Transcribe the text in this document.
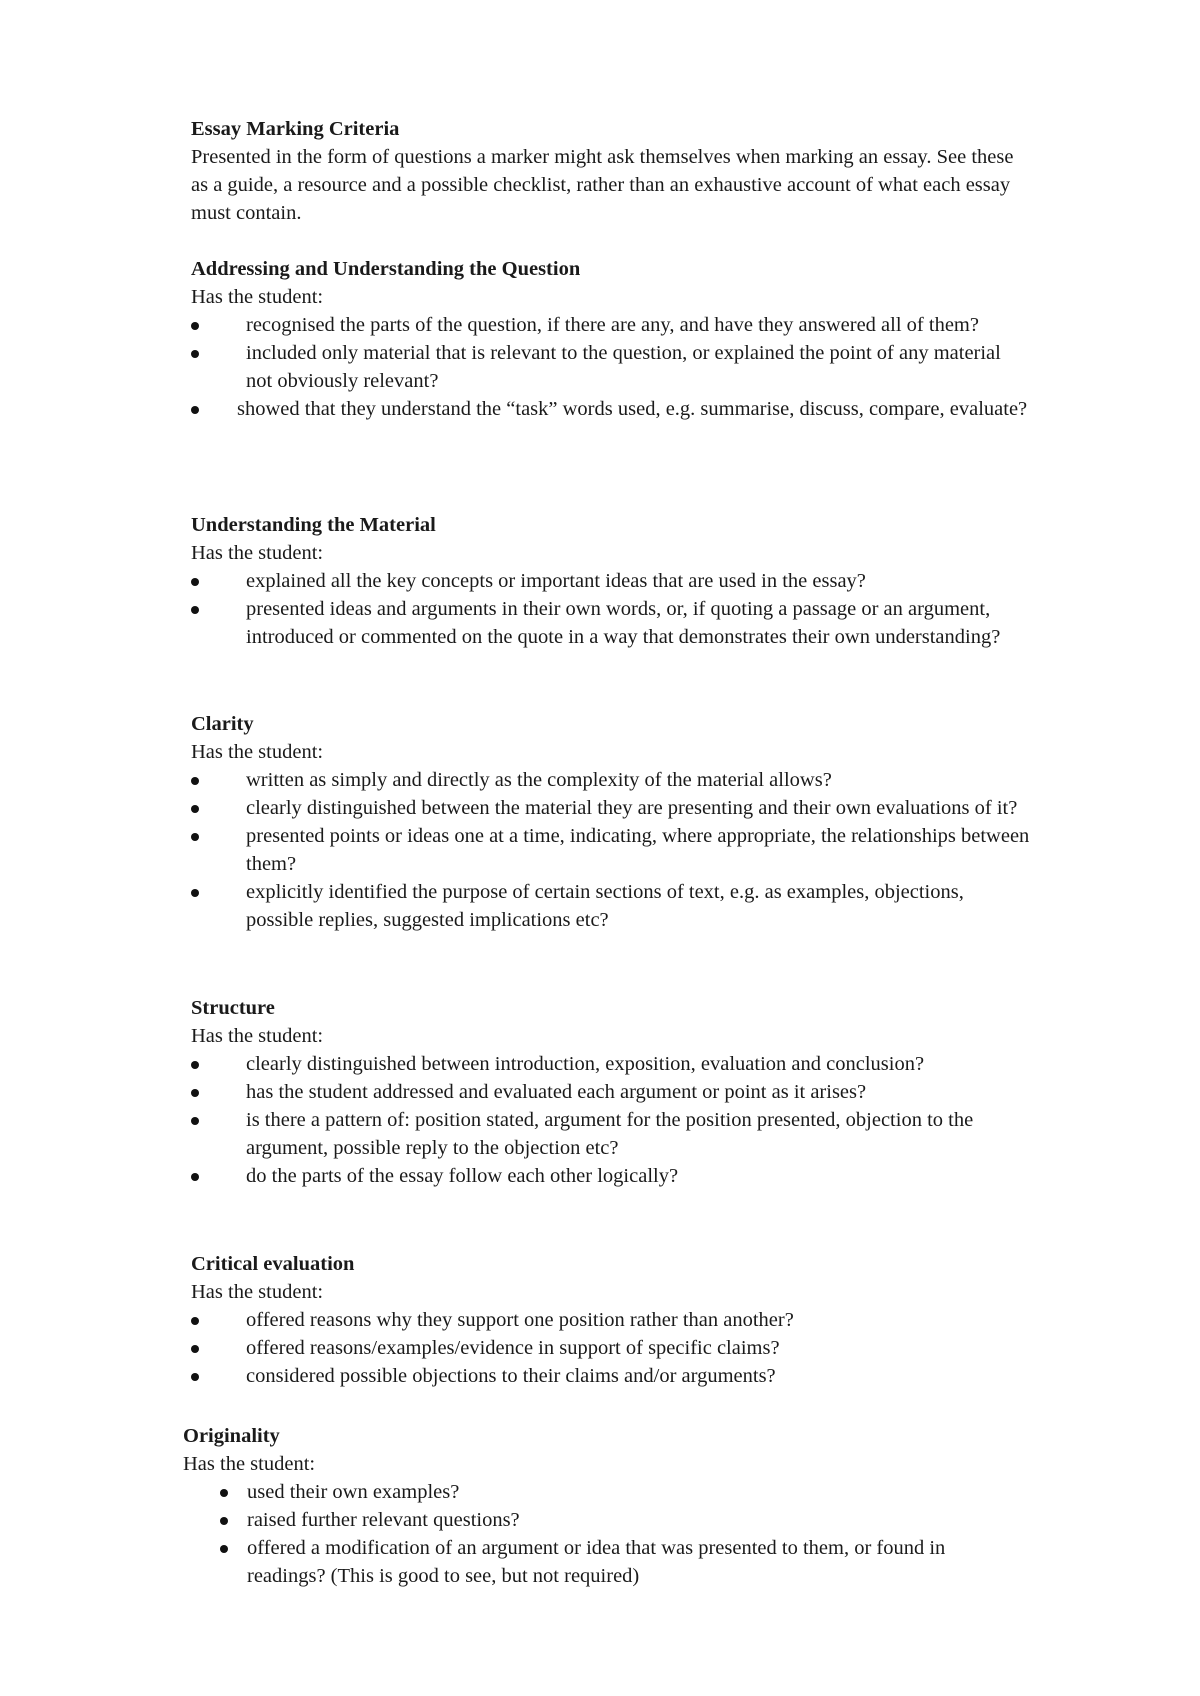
Essay Marking Criteria

Presented in the form of questions a marker might ask themselves when marking an essay. See these as a guide, a resource and a possible checklist, rather than an exhaustive account of what each essay must contain.

Addressing and Understanding the Question

Has the student:

recognised the parts of the question, if there are any, and have they answered all of them?
included only material that is relevant to the question, or explained the point of any material not obviously relevant?
showed that they understand the “task” words used, e.g. summarise, discuss, compare, evaluate?
Understanding the Material

Has the student:

explained all the key concepts or important ideas that are used in the essay?
presented ideas and arguments in their own words, or, if quoting a passage or an argument, introduced or commented on the quote in a way that demonstrates their own understanding?
Clarity

Has the student:

written as simply and directly as the complexity of the material allows?
clearly distinguished between the material they are presenting and their own evaluations of it?
presented points or ideas one at a time, indicating, where appropriate, the relationships between them?
explicitly identified the purpose of certain sections of text, e.g. as examples, objections, possible replies, suggested implications etc?
Structure

Has the student:

clearly distinguished between introduction, exposition, evaluation and conclusion?
has the student addressed and evaluated each argument or point as it arises?
is there a pattern of: position stated, argument for the position presented, objection to the argument, possible reply to the objection etc?
do the parts of the essay follow each other logically?
Critical evaluation

Has the student:

offered reasons why they support one position rather than another?
offered reasons/examples/evidence in support of specific claims?
considered possible objections to their claims and/or arguments?
Originality

Has the student:

used their own examples?
raised further relevant questions?
offered a modification of an argument or idea that was presented to them, or found in readings? (This is good to see, but not required)
